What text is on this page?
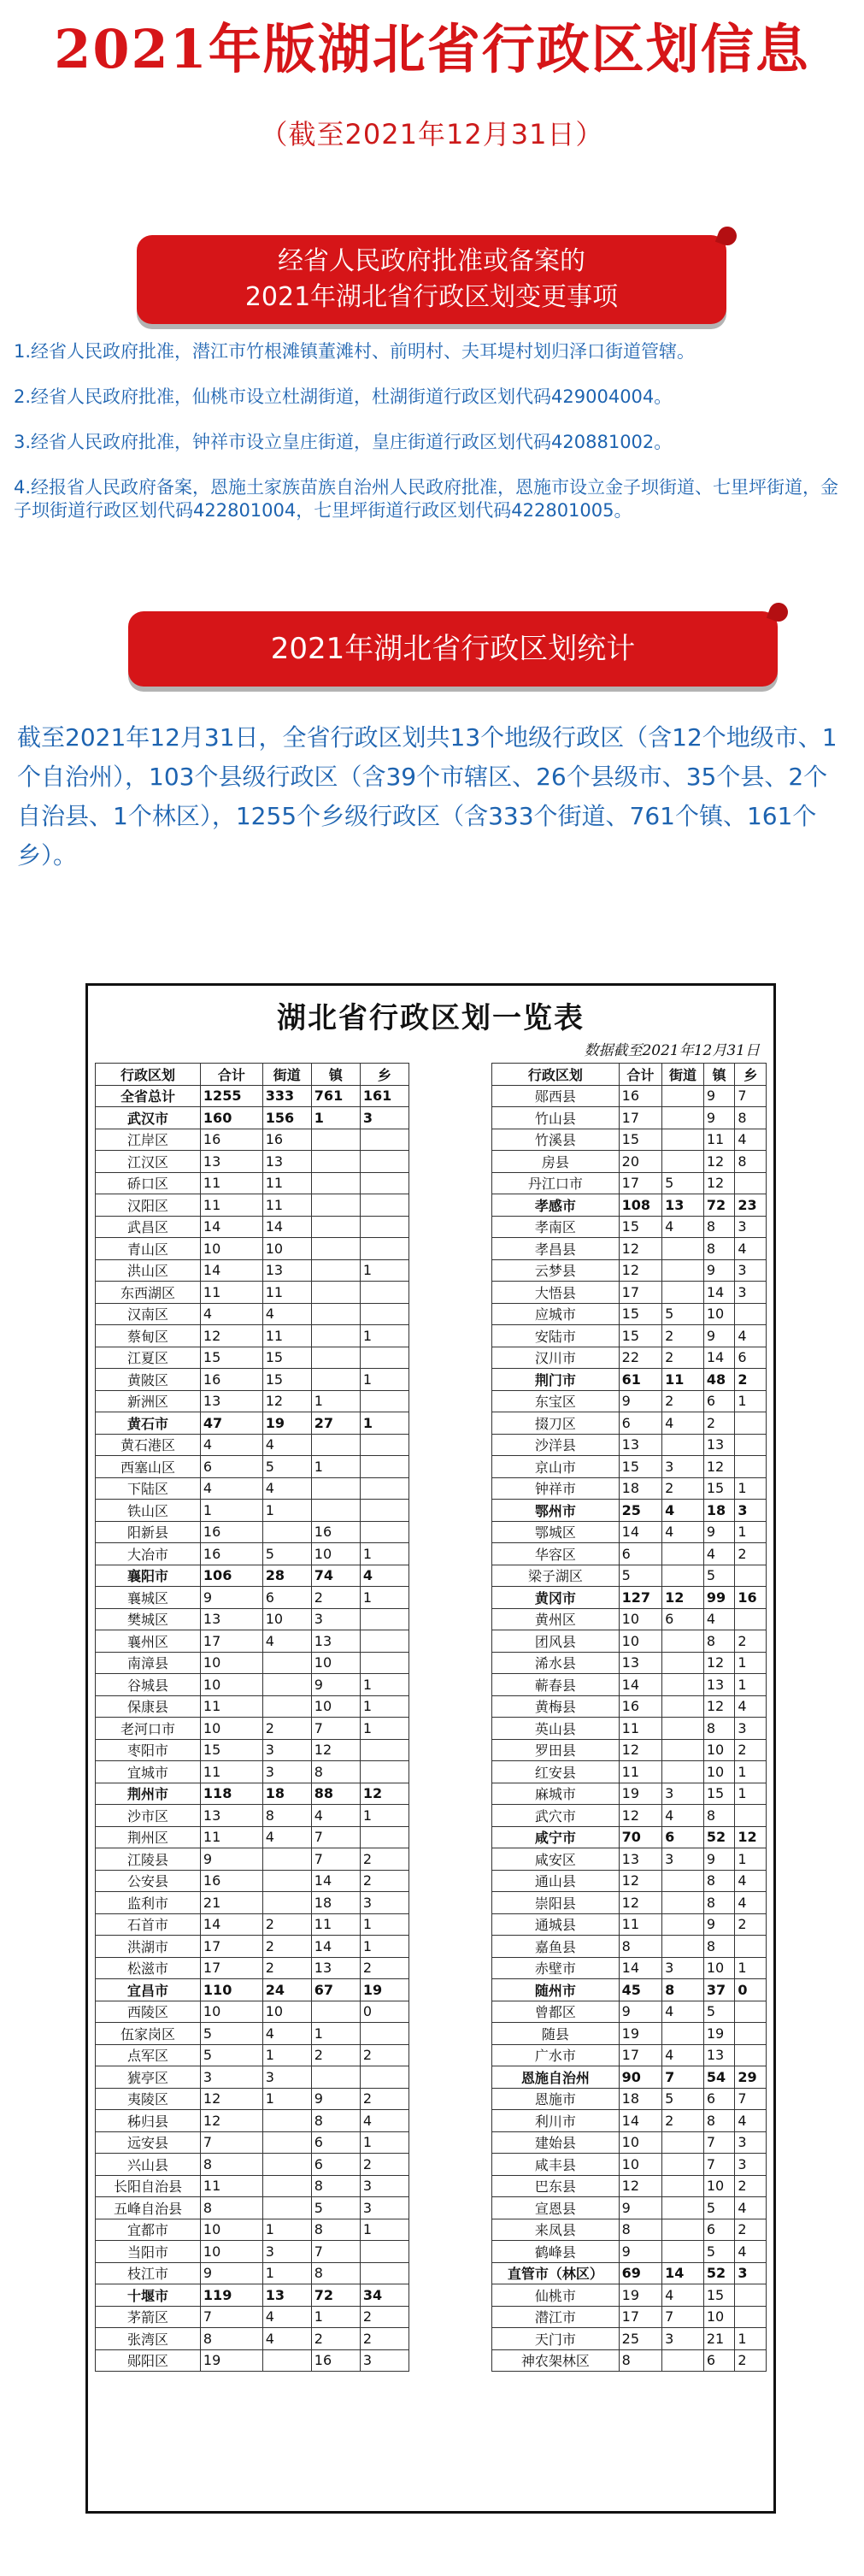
2021年版湖北省行政区划信息
（截至2021年12月31日）
经省人民政府批准或备案的
2021年湖北省行政区划变更事项

1.经省人民政府批准，潜江市竹根滩镇董滩村、前明村、夫耳堤村划归泽口街道管辖。

2.经省人民政府批准，仙桃市设立杜湖街道，杜湖街道行政区划代码429004004。

3.经省人民政府批准，钟祥市设立皇庄街道，皇庄街道行政区划代码420881002。

4.经报省人民政府备案，恩施土家族苗族自治州人民政府批准，恩施市设立金子坝街道、七里坪街道，金子坝街道行政区划代码422801004，七里坪街道行政区划代码422801005。

2021年湖北省行政区划统计

截至2021年12月31日，全省行政区划共13个地级行政区（含12个地级市、1个自治州），103个县级行政区（含39个市辖区、26个县级市、35个县、2个自治县、1个林区），1255个乡级行政区（含333个街道、761个镇、161个乡）。

湖北省行政区划一览表
数据截至2021年12月31日
行政区划	合计	街道	镇	乡
全省总计	1255	333	761	161
武汉市	160	156	1	3
江岸区	16	16		
江汉区	13	13		
硚口区	11	11		
汉阳区	11	11		
武昌区	14	14		
青山区	10	10		
洪山区	14	13		1
东西湖区	11	11		
汉南区	4	4		
蔡甸区	12	11		1
江夏区	15	15		
黄陂区	16	15		1
新洲区	13	12	1	
黄石市	47	19	27	1
黄石港区	4	4		
西塞山区	6	5	1	
下陆区	4	4		
铁山区	1	1		
阳新县	16		16	
大冶市	16	5	10	1
襄阳市	106	28	74	4
襄城区	9	6	2	1
樊城区	13	10	3	
襄州区	17	4	13	
南漳县	10		10	
谷城县	10		9	1
保康县	11		10	1
老河口市	10	2	7	1
枣阳市	15	3	12	
宜城市	11	3	8	
荆州市	118	18	88	12
沙市区	13	8	4	1
荆州区	11	4	7	
江陵县	9		7	2
公安县	16		14	2
监利市	21		18	3
石首市	14	2	11	1
洪湖市	17	2	14	1
松滋市	17	2	13	2
宜昌市	110	24	67	19
西陵区	10	10		0
伍家岗区	5	4	1	
点军区	5	1	2	2
猇亭区	3	3		
夷陵区	12	1	9	2
秭归县	12		8	4
远安县	7		6	1
兴山县	8		6	2
长阳自治县	11		8	3
五峰自治县	8		5	3
宜都市	10	1	8	1
当阳市	10	3	7	
枝江市	9	1	8	
十堰市	119	13	72	34
茅箭区	7	4	1	2
张湾区	8	4	2	2
郧阳区	19		16	3
行政区划	合计	街道	镇	乡
郧西县	16		9	7
竹山县	17		9	8
竹溪县	15		11	4
房县	20		12	8
丹江口市	17	5	12	
孝感市	108	13	72	23
孝南区	15	4	8	3
孝昌县	12		8	4
云梦县	12		9	3
大悟县	17		14	3
应城市	15	5	10	
安陆市	15	2	9	4
汉川市	22	2	14	6
荆门市	61	11	48	2
东宝区	9	2	6	1
掇刀区	6	4	2	
沙洋县	13		13	
京山市	15	3	12	
钟祥市	18	2	15	1
鄂州市	25	4	18	3
鄂城区	14	4	9	1
华容区	6		4	2
梁子湖区	5		5	
黄冈市	127	12	99	16
黄州区	10	6	4	
团风县	10		8	2
浠水县	13		12	1
蕲春县	14		13	1
黄梅县	16		12	4
英山县	11		8	3
罗田县	12		10	2
红安县	11		10	1
麻城市	19	3	15	1
武穴市	12	4	8	
咸宁市	70	6	52	12
咸安区	13	3	9	1
通山县	12		8	4
崇阳县	12		8	4
通城县	11		9	2
嘉鱼县	8		8	
赤壁市	14	3	10	1
随州市	45	8	37	0
曾都区	9	4	5	
随县	19		19	
广水市	17	4	13	
恩施自治州	90	7	54	29
恩施市	18	5	6	7
利川市	14	2	8	4
建始县	10		7	3
咸丰县	10		7	3
巴东县	12		10	2
宣恩县	9		5	4
来凤县	8		6	2
鹤峰县	9		5	4
直管市（林区）	69	14	52	3
仙桃市	19	4	15	
潜江市	17	7	10	
天门市	25	3	21	1
神农架林区	8		6	2
